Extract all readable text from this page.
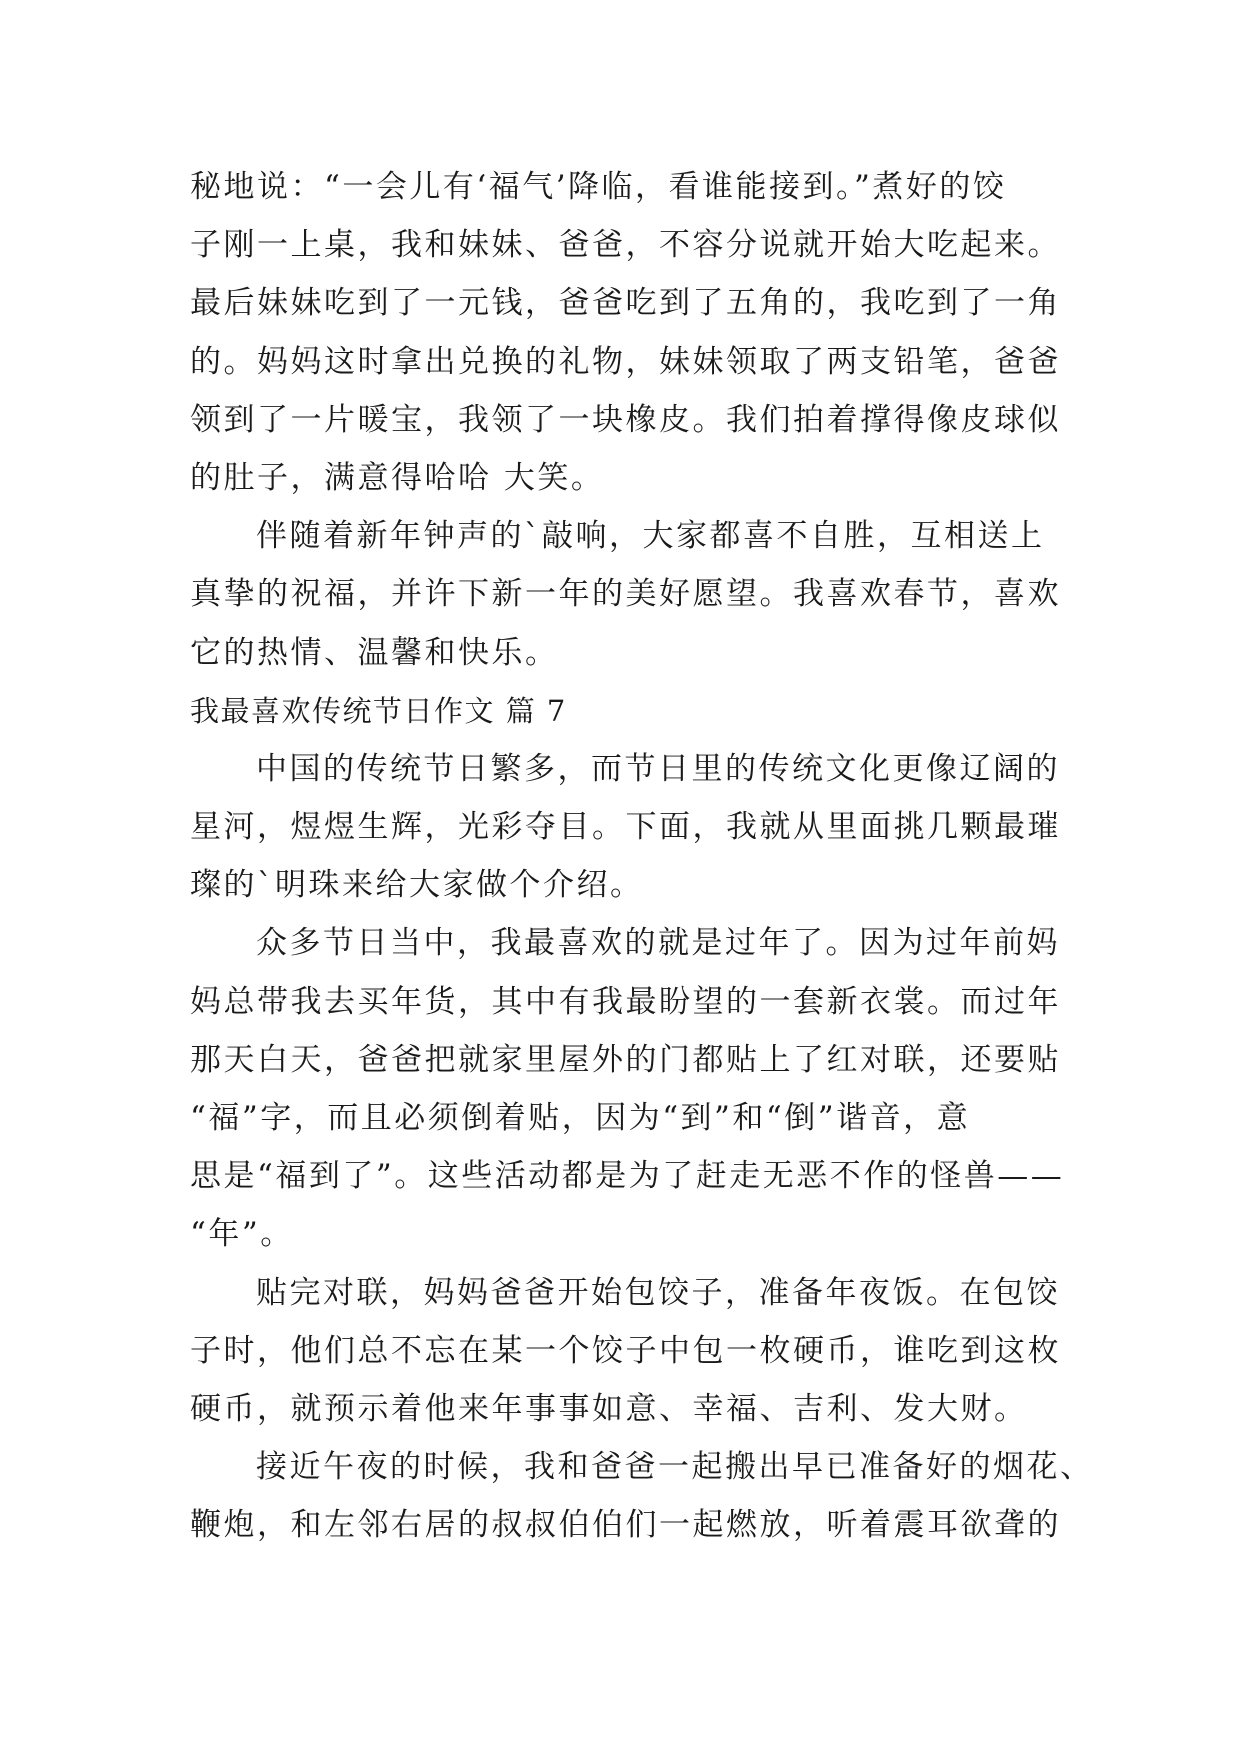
秘地说：“一会儿有‘福气’降临，看谁能接到。”煮好的饺
子刚一上桌，我和妹妹、爸爸，不容分说就开始大吃起来。
最后妹妹吃到了一元钱，爸爸吃到了五角的，我吃到了一角
的。妈妈这时拿出兑换的礼物，妹妹领取了两支铅笔，爸爸
领到了一片暖宝，我领了一块橡皮。我们拍着撑得像皮球似
的肚子，满意得哈哈 大笑。
伴随着新年钟声的`敲响，大家都喜不自胜，互相送上
真挚的祝福，并许下新一年的美好愿望。我喜欢春节，喜欢
它的热情、温馨和快乐。
我最喜欢传统节日作文 篇 7
中国的传统节日繁多，而节日里的传统文化更像辽阔的
星河，煜煜生辉，光彩夺目。下面，我就从里面挑几颗最璀
璨的`明珠来给大家做个介绍。
众多节日当中，我最喜欢的就是过年了。因为过年前妈
妈总带我去买年货，其中有我最盼望的一套新衣裳。而过年
那天白天，爸爸把就家里屋外的门都贴上了红对联，还要贴
“福”字，而且必须倒着贴，因为“到”和“倒”谐音，意
思是“福到了”。这些活动都是为了赶走无恶不作的怪兽——
“年”。
贴完对联，妈妈爸爸开始包饺子，准备年夜饭。在包饺
子时，他们总不忘在某一个饺子中包一枚硬币，谁吃到这枚
硬币，就预示着他来年事事如意、幸福、吉利、发大财。
接近午夜的时候，我和爸爸一起搬出早已准备好的烟花、
鞭炮，和左邻右居的叔叔伯伯们一起燃放，听着震耳欲聋的
